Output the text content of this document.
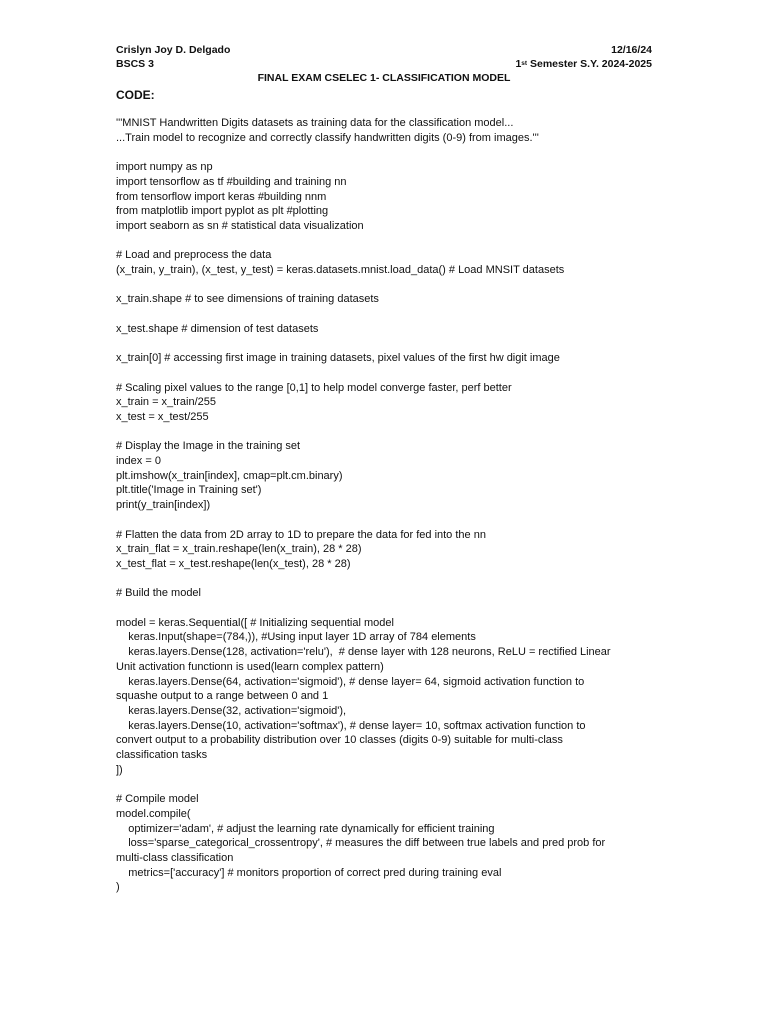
Crislyn Joy D. Delgado	12/16/24
BSCS 3	1st Semester S.Y. 2024-2025
FINAL EXAM CSELEC 1- CLASSIFICATION MODEL
CODE:
'''MNIST Handwritten Digits datasets as training data for the classification model...
...Train model to recognize and correctly classify handwritten digits (0-9) from images.'''
import numpy as np
import tensorflow as tf #building and training nn
from tensorflow import keras #building nnm
from matplotlib import pyplot as plt #plotting
import seaborn as sn # statistical data visualization
# Load and preprocess the data
(x_train, y_train), (x_test, y_test) = keras.datasets.mnist.load_data() # Load MNSIT datasets
x_train.shape # to see dimensions of training datasets
x_test.shape # dimension of test datasets
x_train[0] # accessing first image in training datasets, pixel values of the first hw digit image
# Scaling pixel values to the range [0,1] to help model converge faster, perf better
x_train = x_train/255
x_test = x_test/255
# Display the Image in the training set
index = 0
plt.imshow(x_train[index], cmap=plt.cm.binary)
plt.title('Image in Training set')
print(y_train[index])
# Flatten the data from 2D array to 1D to prepare the data for fed into the nn
x_train_flat = x_train.reshape(len(x_train), 28 * 28)
x_test_flat = x_test.reshape(len(x_test), 28 * 28)
# Build the model
model = keras.Sequential([ # Initializing sequential model
keras.Input(shape=(784,)), #Using input layer 1D array of 784 elements
keras.layers.Dense(128, activation='relu'),  # dense layer with 128 neurons, ReLU = rectified Linear
Unit activation functionn is used(learn complex pattern)
keras.layers.Dense(64, activation='sigmoid'), # dense layer= 64, sigmoid activation function to
squashe output to a range between 0 and 1
keras.layers.Dense(32, activation='sigmoid'),
keras.layers.Dense(10, activation='softmax'), # dense layer= 10, softmax activation function to
convert output to a probability distribution over 10 classes (digits 0-9) suitable for multi-class
classification tasks
])
# Compile model
model.compile(
optimizer='adam', # adjust the learning rate dynamically for efficient training
loss='sparse_categorical_crossentropy', # measures the diff between true labels and pred prob for
multi-class classification
metrics=['accuracy'] # monitors proportion of correct pred during training eval
)
